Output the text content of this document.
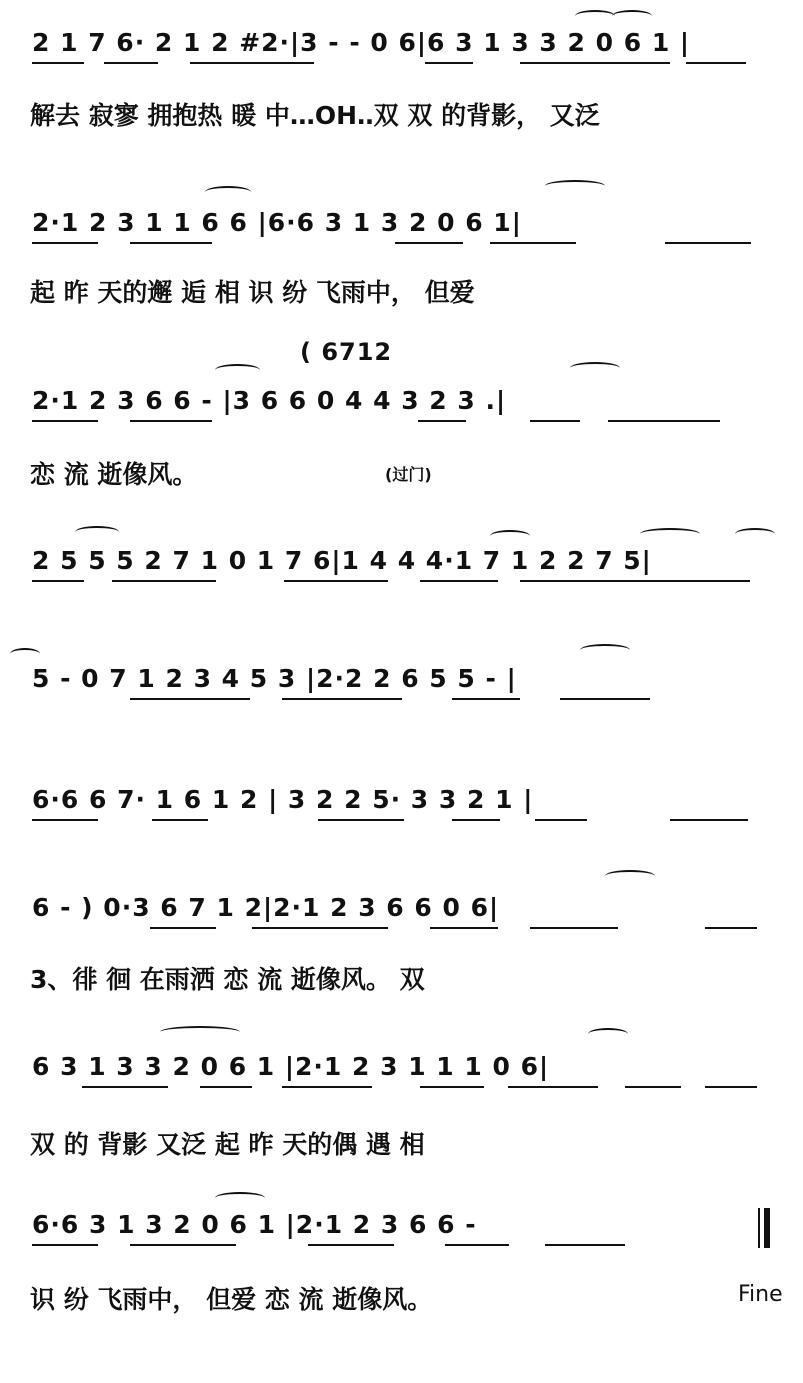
2 1 7 6· 2 1 2 #2·|3 - - 0 6|6 3 1 3 3 2 0 6 1 |
解去 寂寥 拥抱热 暖 中…OH‥双 双 的背影， 又泛
2·1 2 3 1 1 6 6 |6·6 3 1 3 2 0 6 1|
起 昨 天的邂 逅 相 识 纷 飞雨中， 但爱
( 6712
2·1 2 3 6 6 - |3 6 6 0 4 4 3 2 3 .|
恋 流 逝像风。	(过门)
2 5 5 5 2 7 1 0 1 7 6|1 4 4 4·1 7 1 2 2 7 5|
5 - 0 7 1 2 3 4 5 3 |2·2 2 6 5 5 - |
6·6 6 7· 1 6 1 2 | 3 2 2 5· 3 3 2 1 |
6 - ) 0·3 6 7 1 2|2·1 2 3 6 6 0 6|
3、徘 徊 在雨洒 恋 流 逝像风。 双
6 3 1 3 3 2 0 6 1 |2·1 2 3 1 1 1 0 6|
双 的 背影 又泛 起 昨 天的偶 遇 相
6·6 3 1 3 2 0 6 1 |2·1 2 3 6 6 -
识 纷 飞雨中， 但爱 恋 流 逝像风。	Fine
